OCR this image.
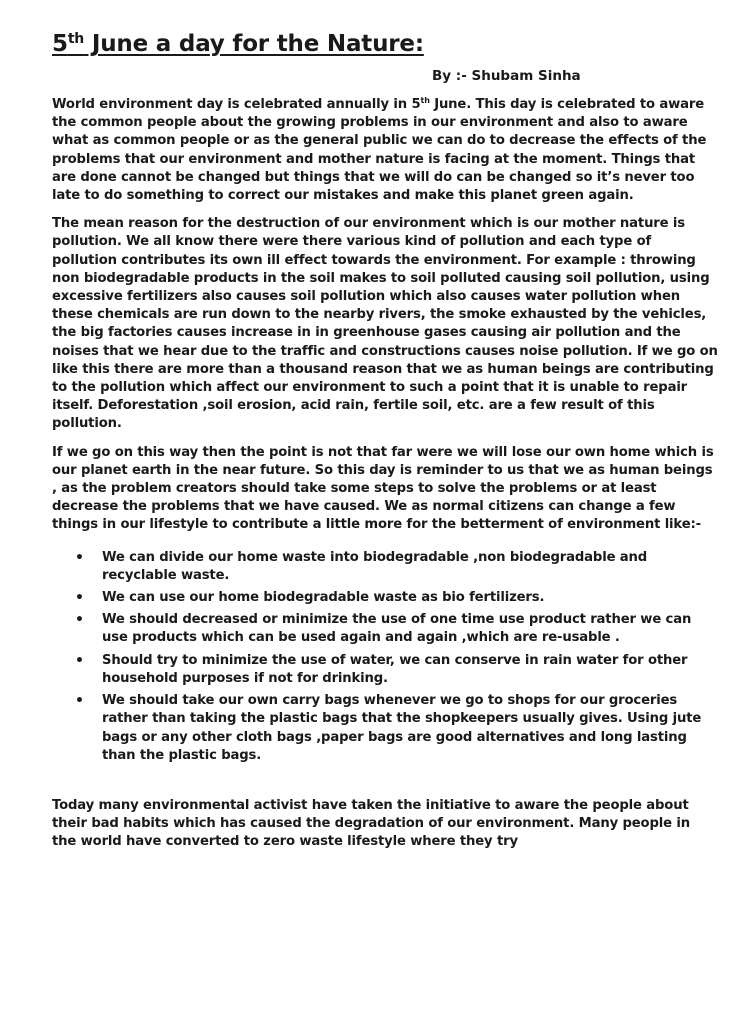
5th June a day for the Nature:
By :- Shubam Sinha

World environment day is celebrated annually in 5th June. This day is celebrated to aware the common people about the growing problems in our environment and also to aware what as common people or as the general public we can do to decrease the effects of the problems that our environment and mother nature is facing at the moment. Things that are done cannot be changed but things that we will do can be changed so it’s never too late to do something to correct our mistakes and make this planet green again.

The mean reason for the destruction of our environment which is our mother nature is pollution. We all know there were there various kind of pollution and each type of pollution contributes its own ill effect towards the environment. For example : throwing non biodegradable products in the soil makes to soil polluted causing soil pollution, using excessive fertilizers also causes soil pollution which also causes water pollution when these chemicals are run down to the nearby rivers, the smoke exhausted by the vehicles, the big factories causes increase in in greenhouse gases causing air pollution and the noises that we hear due to the traffic and constructions causes noise pollution. If we go on like this there are more than a thousand reason that we as human beings are contributing to the pollution which affect our environment to such a point that it is unable to repair itself. Deforestation ,soil erosion, acid rain, fertile soil, etc. are a few result of this pollution.

If we go on this way then the point is not that far were we will lose our own home which is our planet earth in the near future. So this day is reminder to us that we as human beings , as the problem creators should take some steps to solve the problems or at least decrease the problems that we have caused. We as normal citizens can change a few things in our lifestyle to contribute a little more for the betterment of environment like:-

• We can divide our home waste into biodegradable ,non biodegradable and recyclable waste.
• We can use our home biodegradable waste as bio fertilizers.
• We should decreased or minimize the use of one time use product rather we can use products which can be used again and again ,which are re-usable .
• Should try to minimize the use of water, we can conserve in rain water for other household purposes if not for drinking.
• We should take our own carry bags whenever we go to shops for our groceries rather than taking the plastic bags that the shopkeepers usually gives. Using jute bags or any other cloth bags ,paper bags are good alternatives and long lasting than the plastic bags.

Today many environmental activist have taken the initiative to aware the people about their bad habits which has caused the degradation of our environment. Many people in the world have converted to zero waste lifestyle where they try
